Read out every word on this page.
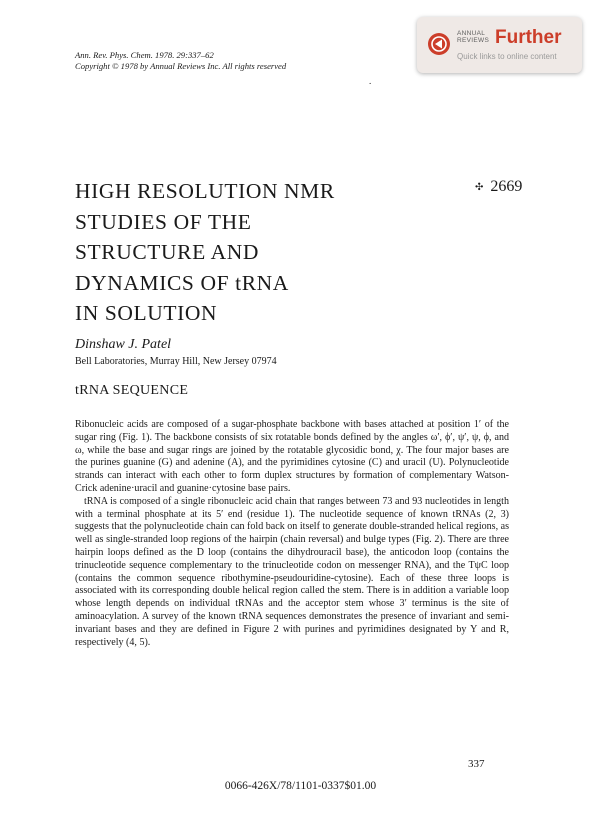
Ann. Rev. Phys. Chem. 1978. 29:337–62
Copyright © 1978 by Annual Reviews Inc. All rights reserved
.
ANNUAL
REVIEWS Further
Quick links to online content
HIGH RESOLUTION NMR
STUDIES OF THE
STRUCTURE AND
DYNAMICS OF tRNA
IN SOLUTION
✣ 2669
Dinshaw J. Patel
Bell Laboratories, Murray Hill, New Jersey 07974
tRNA SEQUENCE

Ribonucleic acids are composed of a sugar-phosphate backbone with bases attached at position 1′ of the sugar ring (Fig. 1). The backbone consists of six rotatable bonds defined by the angles ω′, ϕ′, ψ′, ψ, ϕ, and ω, while the base and sugar rings are joined by the rotatable glycosidic bond, χ. The four major bases are the purines guanine (G) and adenine (A), and the pyrimidines cytosine (C) and uracil (U). Polynucleotide strands can interact with each other to form duplex structures by formation of complementary Watson-Crick adenine·uracil and guanine·cytosine base pairs.

tRNA is composed of a single ribonucleic acid chain that ranges between 73 and 93 nucleotides in length with a terminal phosphate at its 5′ end (residue 1). The nucleotide sequence of known tRNAs (2, 3) suggests that the polynucleotide chain can fold back on itself to generate double-stranded helical regions, as well as single-stranded loop regions of the hairpin (chain reversal) and bulge types (Fig. 2). There are three hairpin loops defined as the D loop (contains the dihydrouracil base), the anticodon loop (contains the trinucleotide sequence complementary to the trinucleotide codon on messenger RNA), and the TψC loop (contains the common sequence ribothymine-pseudouridine-cytosine). Each of these three loops is associated with its corresponding double helical region called the stem. There is in addition a variable loop whose length depends on individual tRNAs and the acceptor stem whose 3′ terminus is the site of aminoacylation. A survey of the known tRNA sequences demonstrates the presence of invariant and semi-invariant bases and they are defined in Figure 2 with purines and pyrimidines designated by Y and R, respectively (4, 5).

337
0066-426X/78/1101-0337$01.00
